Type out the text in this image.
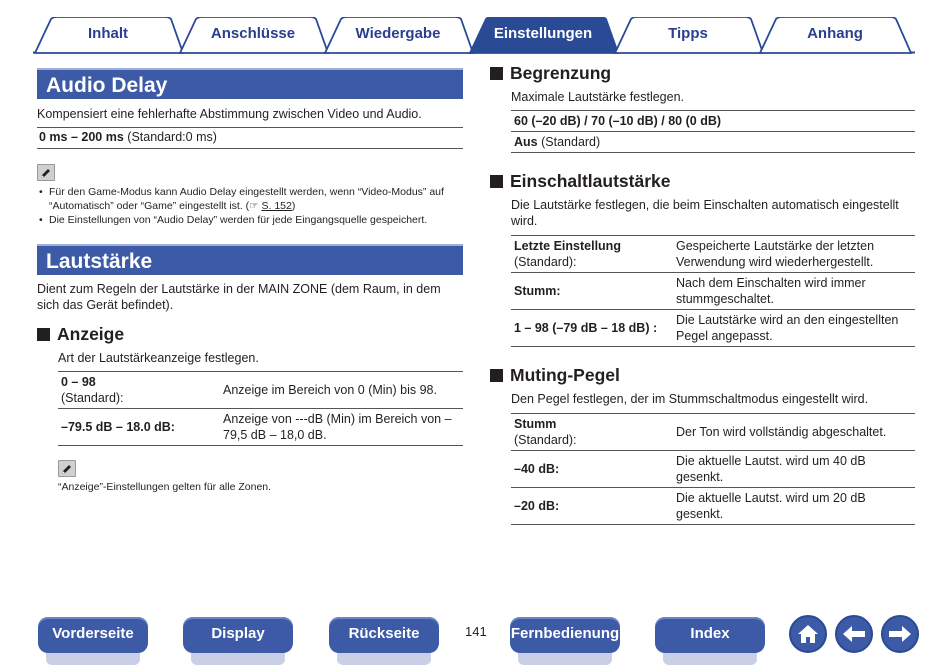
Inhalt	Anschlüsse	Wiedergabe	Einstellungen	Tipps	Anhang
Audio Delay
Kompensiert eine fehlerhafte Abstimmung zwischen Video und Audio.
0 ms – 200 ms (Standard:0 ms)
• Für den Game-Modus kann Audio Delay eingestellt werden, wenn “Video-Modus” auf “Automatisch” oder “Game” eingestellt ist. (☞ S. 152)
• Die Einstellungen von “Audio Delay” werden für jede Eingangsquelle gespeichert.
Lautstärke
Dient zum Regeln der Lautstärke in der MAIN ZONE (dem Raum, in dem sich das Gerät befindet).
Anzeige
Art der Lautstärkeanzeige festlegen.
0 – 98
(Standard):	Anzeige im Bereich von 0 (Min) bis 98.
–79.5 dB – 18.0 dB:	Anzeige von ---dB (Min) im Bereich von –79,5 dB – 18,0 dB.
“Anzeige”-Einstellungen gelten für alle Zonen.
Begrenzung
Maximale Lautstärke festlegen.
60 (–20 dB) / 70 (–10 dB) / 80 (0 dB)
Aus (Standard)
Einschaltlautstärke
Die Lautstärke festlegen, die beim Einschalten automatisch eingestellt wird.
Letzte Einstellung
(Standard):	Gespeicherte Lautstärke der letzten Verwendung wird wiederhergestellt.
Stumm:	Nach dem Einschalten wird immer stummgeschaltet.
1 – 98 (–79 dB – 18 dB) :	Die Lautstärke wird an den eingestellten Pegel angepasst.
Muting-Pegel
Den Pegel festlegen, der im Stummschaltmodus eingestellt wird.
Stumm
(Standard):	Der Ton wird vollständig abgeschaltet.
–40 dB:	Die aktuelle Lautst. wird um 40 dB gesenkt.
–20 dB:	Die aktuelle Lautst. wird um 20 dB gesenkt.
Vorderseite	Display	Rückseite	141 Fernbedienung	Index
